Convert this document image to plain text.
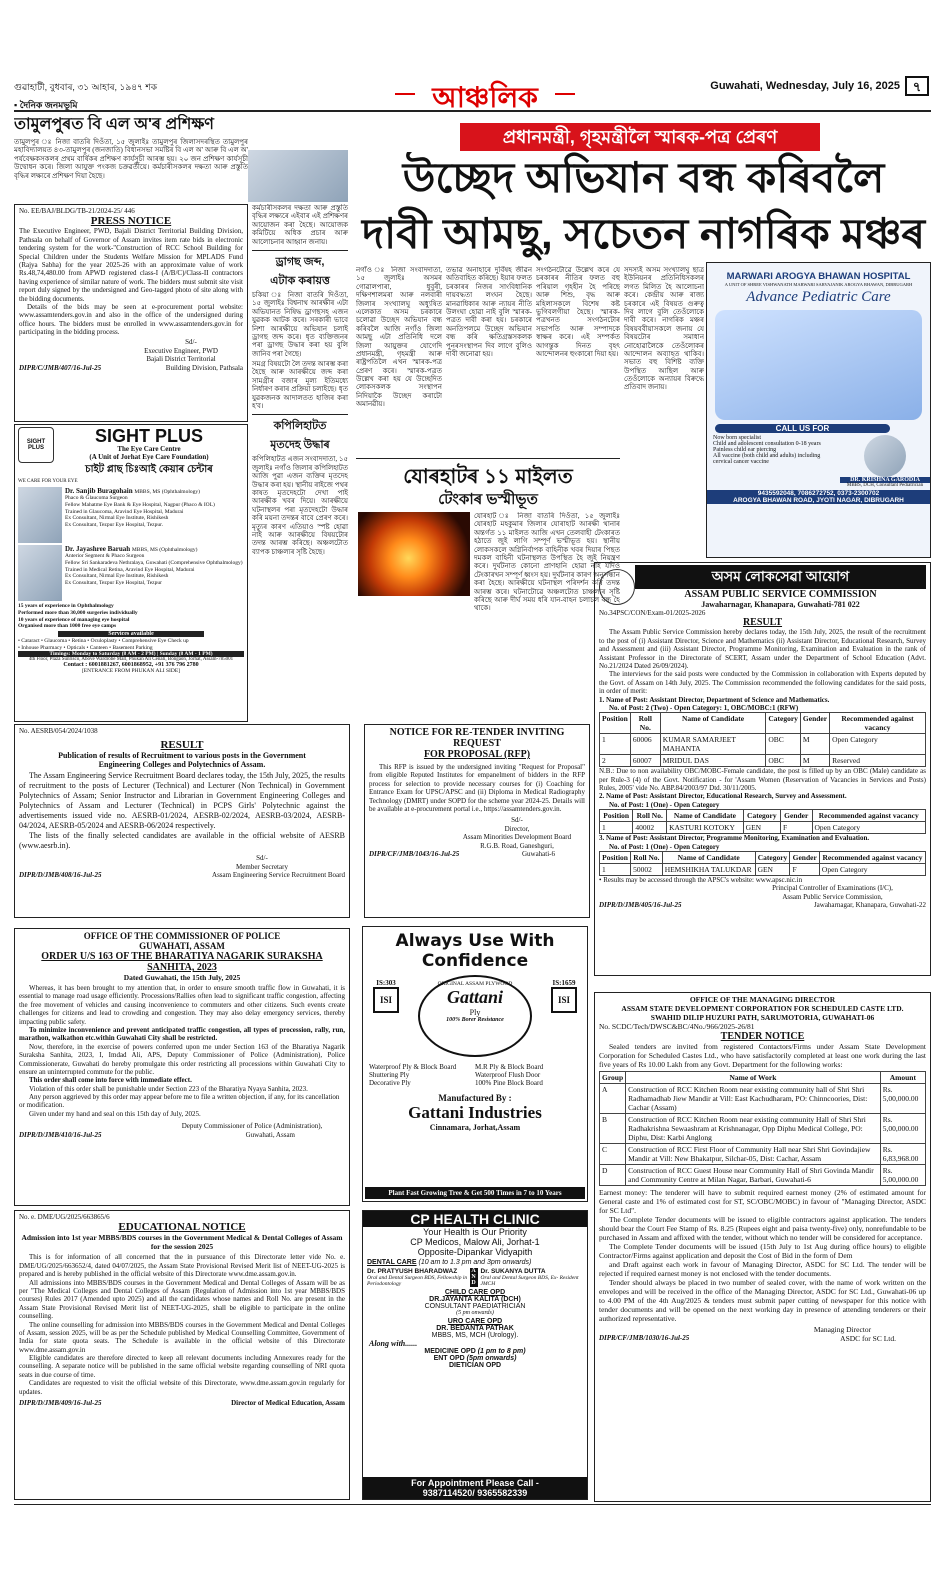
গুৱাহাটী, বুধবাৰ, ৩১ আহাৰ, ১৯৪৭ শক
▪ দৈনিক জনমভূমি	আঞ্চলিক	Guwahati, Wednesday, July 16, 2025 ৭
তামুলপুৰত বি এল অ'ৰ প্ৰশিক্ষণ
তামুলপুৰ ঃ নিজা বাতৰি দিওঁতা, ১৫ জুলাইঃ তামুলপুৰ জিলাসদৰস্থিত তামুলপুৰ মহাবিদ্যালয়ত ৪৩-তামুলপুৰ (জনজাতি) বিধানসভা সমষ্টিৰ বি এল অ' আৰু বি এল অ' পৰ্যবেক্ষকসকলৰ প্ৰথম বাৰ্ষিকৰ প্ৰশিক্ষণ কাৰ্যসূচী আৰম্ভ হয়। ২০ জন প্ৰশিক্ষণ কাৰ্যসূচী উদ্বোধন কৰে। জিলা আযুক্ত পংকজ চক্ৰৱৰ্তীয়ে। কৰ্মচাৰীসকলৰ দক্ষতা আৰু প্ৰস্তুতি বৃদ্ধিৰ লক্ষ্যৰে প্ৰশিক্ষণ দিয়া হৈছে।
No. EE/BAJ/BLDG/TB-21/2024-25/ 446
PRESS NOTICE
The Executive Engineer, PWD, Bajali District Territorial Building Division, Pathsala on behalf of Governor of Assam invites item rate bids in electronic tendering system for the work-"Construction of RCC School Building for Special Children under the Students Welfare Mission for MPLADS Fund (Rajya Sabha) for the year 2025-26 with an approximate value of work Rs.48,74,480.00 from APWD registered class-I (A/B/C)/Class-II contractors having experience of similar nature of work. The bidders must submit site visit report duly signed by the undersigned and Geo-tagged photo of site along with the bidding documents.
Details of the bids may be seen at e-procurement portal website: www.assamtenders.gov.in and also in the office of the undersigned during office hours. The bidders must be enrolled in www.assamtenders.gov.in for participating in the bidding process.
Sd/-
Executive Engineer, PWD
Bajali District Territorial
DIPR/C/JMB/407/16-Jul-25	Building Division, Pathsala
কৰ্মচাৰীসকলৰ দক্ষতা আৰু প্ৰস্তুতি বৃদ্ধিৰ লক্ষ্যৰে এইবাৰ এই প্ৰশিক্ষণৰ আয়োজন কৰা হৈছে। আয়োজক কমিটিয়ে অধিক প্ৰচাৰ আৰু আলোচনাৰ আহ্বান জনায়।
ড্ৰাগছ জব্দ,
এটাক কৰায়ত্ত
চকিয়া ঃ নিজা বাতৰি দিওঁতা, ১৫ জুলাইঃ বিশ্বনাথ আৰক্ষীৰ এটা অভিযানত নিষিদ্ধ ড্ৰাগছসহ এজন যুৱকক আটক কৰে। সৰকাৰী ভাবে নিশা আৰক্ষীয়ে অভিযান চলাই ড্ৰাগছ জব্দ কৰে। ধৃত ব্যক্তিজনৰ পৰা ড্ৰাগছ উদ্ধাৰ কৰা হয় বুলি জানিব পৰা গৈছে।
সমগ্ৰ বিষয়টো লৈ তদন্ত আৰম্ভ কৰা হৈছে আৰু আৰক্ষীয়ে জব্দ কৰা সামগ্ৰীৰ বজাৰ মূল্য ইতিমধ্যে নিৰ্ধাৰণ কৰাৰ প্ৰক্ৰিয়া চলাইছে। ধৃত যুৱকজনক আদালতত হাজিৰ কৰা হ'ব।
কপিলিহাটত
মৃতদেহ উদ্ধাৰ
কপিলিহাটত এজন সংবাদদাতা, ১৫ জুলাইঃ নগাঁও জিলাৰ কপিলিহাটত আজি পুৱা এজন ব্যক্তিৰ মৃতদেহ উদ্ধাৰ কৰা হয়। স্থানীয় ৰাইজে পথৰ কাষত মৃতদেহটো দেখা পাই আৰক্ষীক খবৰ দিয়ে। আৰক্ষীয়ে ঘটনাস্থলৰ পৰা মৃতদেহটো উদ্ধাৰ কৰি ময়না তদন্তৰ বাবে প্ৰেৰণ কৰে। মৃত্যুৰ কাৰণ এতিয়াও স্পষ্ট হোৱা নাই আৰু আৰক্ষীয়ে বিষয়টোৰ তদন্ত আৰম্ভ কৰিছে। অঞ্চলটোত ব্যাপক চাঞ্চল্যৰ সৃষ্টি হৈছে।
SIGHT PLUS
SIGHT PLUS
The Eye Care Centre
(A Unit of Jorhat Eye Care Foundation)
চাইট প্লাছ চিঃআই কেয়াৰ চেন্টাৰ
WE CARE FOR YOUR EYE
Dr. Sanjib Buragohain MBBS, MS (Ophthalmology)
Phaco & Glaucoma Surgeon
Fellow Mahatme Eye Bank & Eye Hospital, Nagpur (Phaco & IOL)
Trained in Glaucoma, Aravind Eye Hospital, Madurai
Ex Consultant, Nirmal Eye Institute, Rishikesh
Ex Consultant, Tezpur Eye Hospital, Tezpur.
Dr. Jayashree Baruah MBBS, MS (Ophthalmology)
Anterior Segment & Phaco Surgeon
Fellow Sri Sankaradeva Nethralaya, Guwahati (Comprehensive Ophthalmology)
Trained in Medical Retina, Aravind Eye Hospital, Madurai
Ex Consultant, Nirmal Eye Institute, Rishikesh
Ex Consultant, Tezpur Eye Hospital, Tezpur
15 years of experience in Ophthalmology
Performed more than 30,000 surgeries individually
10 years of experience of managing eye hospital
Organised more than 1000 free eye camps
Services available
• Cataract • Glaucoma • Retina • Oculoplasty • Comprehensive Eye Check up
• Inhouse Pharmacy • Opticals • Canteen • Basement Parking
Timings: Monday to Saturday (8 AM - 2 PM) | Sunday (8 AM - 1 PM)
4th Floor, Plaza Sunrisco, Above Wardrobe Mall, Phukan Ali Cenali, Bongaon, Jorhat, Assam-785001
Contact : 6001881267, 6001868952, +91 376 796 2780
[ENTRANCE FROM PHUKAN ALI SIDE]
No. AESRB/054/2024/1038
RESULT
Publication of results of Recruitment to various posts in the Government Engineering Colleges and Polytechnics of Assam.
The Assam Engineering Service Recruitment Board declares today, the 15th July, 2025, the results of recruitment to the posts of Lecturer (Technical) and Lecturer (Non Technical) in Government Polytechnics of Assam; Senior Instructor and Librarian in Government Engineering Colleges and Polytechnics of Assam and Lecturer (Technical) in PCPS Girls' Polytechnic against the advertisements issued vide no. AESRB-01/2024, AESRB-02/2024, AESRB-03/2024, AESRB-04/2024, AESRB-05/2024 and AESRB-06/2024 respectively.
The lists of the finally selected candidates are available in the official website of AESRB (www.aesrb.in).
Sd/-
Member Secretary
DIPR/D/JMB/408/16-Jul-25	Assam Engineering Service Recruitment Board
OFFICE OF THE COMMISSIONER OF POLICE
GUWAHATI, ASSAM
ORDER U/S 163 OF THE BHARATIYA NAGARIK SURAKSHA SANHITA, 2023
Dated Guwahati, the 15th July, 2025
Whereas, it has been brought to my attention that, in order to ensure smooth traffic flow in Guwahati, it is essential to manage road usage efficiently. Processions/Rallies often lead to significant traffic congestion, affecting the free movement of vehicles and causing inconvenience to commuters and other citizens. Such events create challenges for citizens and lead to crowding and congestion. They may also delay emergency services, thereby impacting public safety.
To minimize inconvenience and prevent anticipated traffic congestion, all types of procession, rally, run, marathon, walkathon etc.within Guwahati City shall be restricted.
Now, therefore, in the exercise of powers conferred upon me under Section 163 of the Bharatiya Nagarik Suraksha Sanhita, 2023, I, Imdad Ali, APS, Deputy Commissioner of Police (Administration), Police Commissionerate, Guwahati do hereby promulgate this order restricting all processions within Guwahati City to ensure an uninterrupted commute for the public.
This order shall come into force with immediate effect.
Violation of this order shall be punishable under Section 223 of the Bharatiya Nyaya Sanhita, 2023.
Any person aggrieved by this order may appear before me to file a written objection, if any, for its cancellation or modification.
Given under my hand and seal on this 15th day of July, 2025.
Deputy Commissioner of Police (Administration),
DIPR/D/JMB/410/16-Jul-25	Guwahati, Assam
No. e. DME/UG/2025/663865/6
EDUCATIONAL NOTICE
Admission into 1st year MBBS/BDS courses in the Government Medical & Dental Colleges of Assam for the session 2025
This is for information of all concerned that the in pursuance of this Directorate letter vide No. e. DME/UG/2025/663652/4, dated 04/07/2025, the Assam State Provisional Revised Merit list of NEET-UG-2025 is prepared and is hereby published in the official website of this Directorate www.dme.assam.gov.in.
All admissions into MBBS/BDS courses in the Government Medical and Dental Colleges of Assam will be as per "The Medical Colleges and Dental Colleges of Assam (Regulation of Admission into 1st year MBBS/BDS courses) Rules 2017 (Amended upto 2025) and all the candidates whose names and Roll No. are present in the Assam State Provisional Revised Merit list of NEET-UG-2025, shall be eligible to participate in the online counselling.
The online counselling for admission into MBBS/BDS courses in the Government Medical and Dental Colleges of Assam, session 2025, will be as per the Schedule published by Medical Counselling Committee, Government of India for state quota seats. The Schedule is available in the official website of this Directorate www.dme.assam.gov.in
Eligible candidates are therefore directed to keep all relevant documents including Annexures ready for the counselling. A separate notice will be published in the same official website regarding counselling of NRI quota seats in due course of time.
Candidates are requested to visit the official website of this Directorate, www.dme.assam.gov.in regularly for updates.
DIPR/D/JMB/409/16-Jul-25	Director of Medical Education, Assam
প্ৰধানমন্ত্ৰী, গৃহমন্ত্ৰীলৈ স্মাৰক-পত্ৰ প্ৰেৰণ
উচ্ছেদ অভিযান বন্ধ কৰিবলৈ
দাবী আমছু, সচেতন নাগৰিক মঞ্চৰ
নগাঁও ঃ নিজা সংবাদদাতা, ১৫ জুলাইঃ অসমৰ গোৱালপাৰা, ধুবুৰী, দক্ষিণশালমৰা আৰু নলবাৰী জিলাৰ সংখ্যালঘু অধ্যুষিত এলেকাত অসম চৰকাৰে চলোৱা উচ্ছেদ অভিযান বন্ধ কৰিবলৈ আজি নগাঁও জিলা আমছু এটা প্ৰতিনিধি দলে জিলা আয়ুক্তৰ যোগেদি প্ৰধানমন্ত্ৰী, গৃহমন্ত্ৰী আৰু ৰাষ্ট্ৰপতিলৈ এখন স্মাৰক-পত্ৰ প্ৰেৰণ কৰে। স্মাৰক-পত্ৰত উল্লেখ কৰা হয় যে উচ্ছেদিত লোকসকলক সংস্থাপন নিদিয়াকৈ উচ্ছেদ কৰাটো অমানৱীয়।
তভাৱ অনাহাৰে দুৰ্বিষহ জীৱন অতিবাহিত কৰিছে। ইয়াৰ ফলত চৰকাৰৰ নিজৰ সাংবিধানিক দায়বদ্ধতা লংঘন হৈছে। মানৱাধিকাৰ আৰু ন্যায়ৰ নীতি উলংঘা হোৱা নাই বুলি স্মাৰক-পত্ৰত দাবী কৰা হয়। চৰকাৰে অনতিপলমে উচ্ছেদ অভিযান বন্ধ কৰি ক্ষতিগ্ৰস্তসকলক পুনৰসংস্থাপন দিব লাগে বুলিও দাবী জনোৱা হয়।
সংগঠনটোৱে উল্লেখ কৰে যে চৰকাৰৰ নীতিৰ ফলত বহু পৰিয়াল গৃহহীন হৈ পৰিছে আৰু শিশু, বৃদ্ধ আৰু মহিলাসকলে বিশেষ কষ্ট ভুগিবলগীয়া হৈছে। স্মাৰক-পত্ৰখনত সংগঠনটোৰ সভাপতি আৰু সম্পাদকে স্বাক্ষৰ কৰে। এই সম্পৰ্কত আগন্তুক দিনত বৃহৎ আন্দোলনৰ হুংকাৰো দিয়া হয়।
সদস্যই অসম সংখ্যালঘু ছাত্ৰ ইউনিয়নৰ প্ৰতিনিধিসকলৰ লগত মিলিত হৈ আলোচনা কৰে। কেন্দ্ৰীয় আৰু ৰাজ্য চৰকাৰে এই বিষয়ত গুৰুত্ব দিব লাগে বুলি তেওঁলোকে দাবী কৰে। নাগৰিক মঞ্চৰ বিষয়ববীয়াসকলে জনায় যে বিষয়টোৰ সমাধান নোহোৱালৈকে তেওঁলোকৰ আন্দোলন অব্যাহত থাকিব। সভাত বহু বিশিষ্ট ব্যক্তি উপস্থিত আছিল আৰু তেওঁলোকে অন্যায়ৰ বিৰুদ্ধে প্ৰতিবাদ জনায়।
যোৰহাটৰ ১১ মাইলত
টেংকাৰ ভস্মীভূত
যোৰহাট ঃ নিজা বাতৰি দিওঁতা, ১৫ জুলাইঃ যোৰহাট মহকুমাৰ জিলাৰ যোৰাহাট আৰক্ষী থানাৰ অন্তৰ্গত ১১ মাইলত আজি এখন তেলবাহী টেংকাৰত হঠাতে জুই লাগি সম্পূৰ্ণ ভস্মীভূত হয়। স্থানীয় লোকসকলে অগ্নিনিৰ্বাপক বাহিনীক খবৰ দিয়াৰ পিছত দমকল বাহিনী ঘটনাস্থলত উপস্থিত হৈ জুই নিয়ন্ত্ৰণ কৰে। দুৰ্ঘটনাত কোনো প্ৰাণহানি হোৱা নাই যদিও টেংকাৰখন সম্পূৰ্ণ ধ্বংস হয়। দুৰ্ঘটনাৰ কাৰণ অনুসন্ধান কৰা হৈছে। আৰক্ষীয়ে ঘটনাস্থল পৰিদৰ্শন কৰি তদন্ত আৰম্ভ কৰে। ঘটনাটোৱে অঞ্চলটোত চাঞ্চল্যৰ সৃষ্টি কৰিছে আৰু দীৰ্ঘ সময় ধৰি যান-বাহন চলাচল বন্ধ হৈ থাকে।
MARWARI AROGYA BHAWAN HOSPITAL
A UNIT OF SHREE VISHWANATH MARWARI SARVAJANIK AROGYA BHAWAN, DIBRUGARH
Advance Pediatric Care
CALL US FOR
Now born specialist
Child and adolescent consultation 0-18 years
Painless child ear piercing
All vaccine (both child and adults) including cervical cancer vaccine
DR. KRISHNA GARODIA
MBBS, DCH, Consultant Pediatrician
9435592048, 7086272752, 0373-2300702
AROGYA BHAWAN ROAD, JYOTI NAGAR, DIBRUGARH
অসম লোকসেৱা আয়োগ
ASSAM PUBLIC SERVICE COMMISSION
Jawaharnagar, Khanapara, Guwahati-781 022
No.34PSC/CON/Exam-01/2025-2026
RESULT
The Assam Public Service Commission hereby declares today, the 15th July, 2025, the result of the recruitment to the post of (i) Assistant Director, Science and Mathematics (ii) Assistant Director, Educational Research, Survey and Assessment and (iii) Assistant Director, Programme Monitoring, Examination and Evaluation in the rank of Assistant Professor in the Directorate of SCERT, Assam under the Department of School Education (Advt. No.21/2024 Dated 26/09/2024).
The interviews for the said posts were conducted by the Commission in collaboration with Experts deputed by the Govt. of Assam on 14th July, 2025. The Commission recommended the following candidates for the said posts, in order of merit:
1. Name of Post: Assistant Director, Department of Science and Mathematics.
No. of Post: 2 (Two) - Open Category: 1, OBC/MOBC:1 (RFW)
Position	Roll No.	Name of Candidate	Category	Gender	Recommended against vacancy
1	60006	KUMAR SAMARJEET MAHANTA	OBC	M	Open Category
2	60007	MRIDUL DAS	OBC	M	Reserved
N.B.: Due to non availability OBC/MOBC-Female candidate, the post is filled up by an OBC (Male) candidate as per Rule-3 (4) of the Govt. Notification - for 'Assam Women (Reservation of Vacancies in Services and Posts) Rules, 2005' vide No. ABP.84/2003/97 Dtd. 30/11/2005.
2. Name of Post: Assistant Director, Educational Research, Survey and Assessment.
No. of Post: 1 (One) - Open Category
Position	Roll No.	Name of Candidate	Category	Gender	Recommended against vacancy
1	40002	KASTURI KOTOKY	GEN	F	Open Category
3. Name of Post: Assistant Director, Programme Monitoring, Examination and Evaluation.
No. of Post: 1 (One) - Open Category
Position	Roll No.	Name of Candidate	Category	Gender	Recommended against vacancy
1	50002	HEMSHIKHA TALUKDAR	GEN	F	Open Category
• Results may be accessed through the APSC's website: www.apsc.nic.in
Principal Controller of Examinations (I/C),
Assam Public Service Commission,
DIPR/D/JMB/405/16-Jul-25	Jawaharnagar, Khanapara, Guwahati-22
NOTICE FOR RE-TENDER INVITING
REQUEST
FOR PROPOSAL (RFP)
This RFP is issued by the undersigned inviting "Request for Proposal" from eligible Reputed Institutes for empanelment of bidders in the RFP process for selection to provide necessary courses for (i) Coaching for Entrance Exam for UPSC/APSC and (ii) Diploma in Medical Radiography Technology (DMRT) under SOPD for the scheme year 2024-25. Details will be available at e-procurement portal i.e., https://assamtenders.gov.in.
Sd/-
Director,
Assam Minorities Development Board
R.G.B. Road, Ganeshguri,
DIPR/CF/JMB/1043/16-Jul-25	Guwahati-6
Always Use With Confidence
IS:303
ISI
ORIGINAL ASSAM PLYWOOD
Gattani
Ply
100% Borer Resistance
IS:1659
ISI
Waterproof Ply & Block Board
Shuttering Ply
Decorative Ply
M.R Ply & Block Board
Waterproof Flush Door
100% Pine Block Board
Manufactured By :
Gattani Industries
Cinnamara, Jorhat,Assam
Plant Fast Growing Tree & Get 500 Times in 7 to 10 Years
CP HEALTH CLINIC
Your Health is Our Priority
CP Medicos, Malow Ali, Jorhat-1
Opposite-Dipankar Vidyapith
DENTAL CARE (10 am to 1.3 pm and 3pm onwards)
Dr. PRATYUSH BHARADWAZ
Oral and Dental Surgeon BDS, Fellowship in Periodontology
A N D
Dr. SUKANYA DUTTA
Oral and Dental Surgeon BDS, Ex- Resident JMCH
CHILD CARE OPD
DR.JAYANTA KALITA (DCH)
CONSULTANT PAEDIATRICIAN
(5 pm onwards)
URO CARE OPD
DR. BEDANTA PATHAK
MBBS, MS, MCH (Urology).
Along with......
MEDICINE OPD (1 pm to 8 pm)
ENT OPD (5pm onwards)
DIETICIAN OPD
For Appointment Please Call -
9387114520/ 9365582339
OFFICE OF THE MANAGING DIRECTOR
ASSAM STATE DEVELOPMENT CORPORATION FOR SCHEDULED CASTE LTD.
SWAHID DILIP HUZURI PATH, SARUMOTORIA, GUWAHATI-06
No. SCDC/Tech/DWSC&BC/4No./966/2025-26/81
TENDER NOTICE
Sealed tenders are invited from registered Contactors/Firms under Assam State Development Corporation for Scheduled Castes Ltd., who have satisfactorily completed at least one work during the last five years of Rs 10.00 Lakh from any Govt. Department for the following works:
Group	Name of Work	Amount
A	Construction of RCC Kitchen Room near existing community hall of Shri Shri Radhamadhab Jiew Mandir at Vill: East Kachudharam, PO: Chinncoories, Dist: Cachar (Assam)	Rs. 5,00,000.00
B	Construction of RCC Kitchen Room near existing community Hall of Shri Shri Radhakrishna Sewaashram at Krishnanagar, Opp Diphu Medical College, PO: Diphu, Dist: Karbi Anglong	Rs. 5,00,000.00
C	Construction of RCC First Floor of Community Hall near Shri Shri Govindajiew Mandir at Vill: New Bhakatpur, Silchar-05, Dist: Cachar, Assam	Rs. 6,83,968.00
D	Construction of RCC Guest House near Community Hall of Shri Govinda Mandir and Community Centre at Milan Nagar, Barbari, Guwahati-6	Rs. 5,00,000.00
Earnest money: The tenderer will have to submit required earnest money (2% of estimated amount for General caste and 1% of estimated cost for ST, SC/OBC/MOBC) in favour of "Managing Director, ASDC for SC Ltd".
The Complete Tender documents will be issued to eligible contractors against application. The tenders should bear the Court Fee Stamp of Rs. 8.25 (Rupees eight and paisa twenty-five) only, nonrefundable to be purchased in Assam and affixed with the tender, without which no tender will be considered for acceptance.
The Complete Tender documents will be issued (15th July to 1st Aug during office hours) to eligible Contractor/Firms against application and deposit the Cost of Bid in the form of Dem
and Draft against each work in favour of Managing Director, ASDC for SC Ltd. The tender will be rejected if required earnest money is not enclosed with the tender documents.
Tender should always be placed in two number of sealed cover, with the name of work written on the envelopes and will be received in the office of the Managing Director, ASDC for SC Ltd., Guwahati-06 up to 4.00 PM of the 4th Aug/2025 & tenders must submit paper cutting of newspaper for this notice with tender documents and will be opened on the next working day in presence of attending tenderers or their authorized representative.
Managing Director
DIPR/CF/JMB/1030/16-Jul-25	ASDC for SC Ltd.
